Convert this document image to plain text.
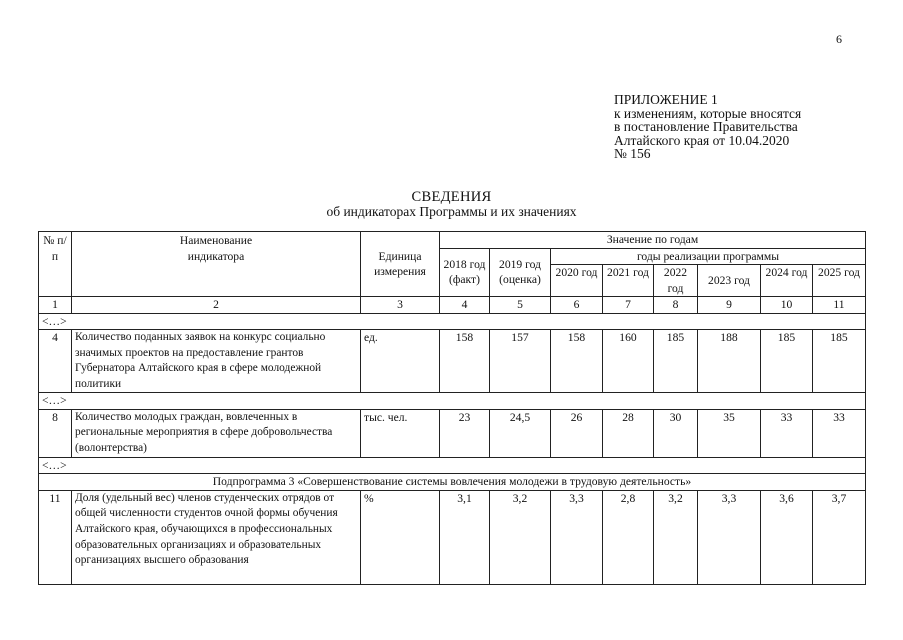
6
ПРИЛОЖЕНИЕ 1
к изменениям, которые вносятся
в постановление Правительства
Алтайского края от 10.04.2020
№ 156
СВЕДЕНИЯ
об индикаторах Программы и их значениях
№ п/п	Наименование индикатора	Единица измерения	Значение по годам							
			2018 год (факт)	2019 год (оценка)	годы реализации программы					
					2020 год	2021 год	2022 год	2023 год	2024 год	2025 год
1	2	3	4	5	6	7	8	9	10	11
<…>										
4	Количество поданных заявок на конкурс социально значимых проектов на предоставление грантов Губернатора Алтайского края в сфере молодежной политики	ед.	158	157	158	160	185	188	185	185
<…>										
8	Количество молодых граждан, вовлеченных в региональные мероприятия в сфере добровольчества (волонтерства)	тыс. чел.	23	24,5	26	28	30	35	33	33
<…>										
Подпрограмма 3 «Совершенствование системы вовлечения молодежи в трудовую деятельность»										
11	Доля (удельный вес) членов студенческих отрядов от общей численности студентов очной формы обучения Алтайского края, обучающихся в профессиональных образовательных организациях и образовательных организациях высшего образования	%	3,1	3,2	3,3	2,8	3,2	3,3	3,6	3,7
